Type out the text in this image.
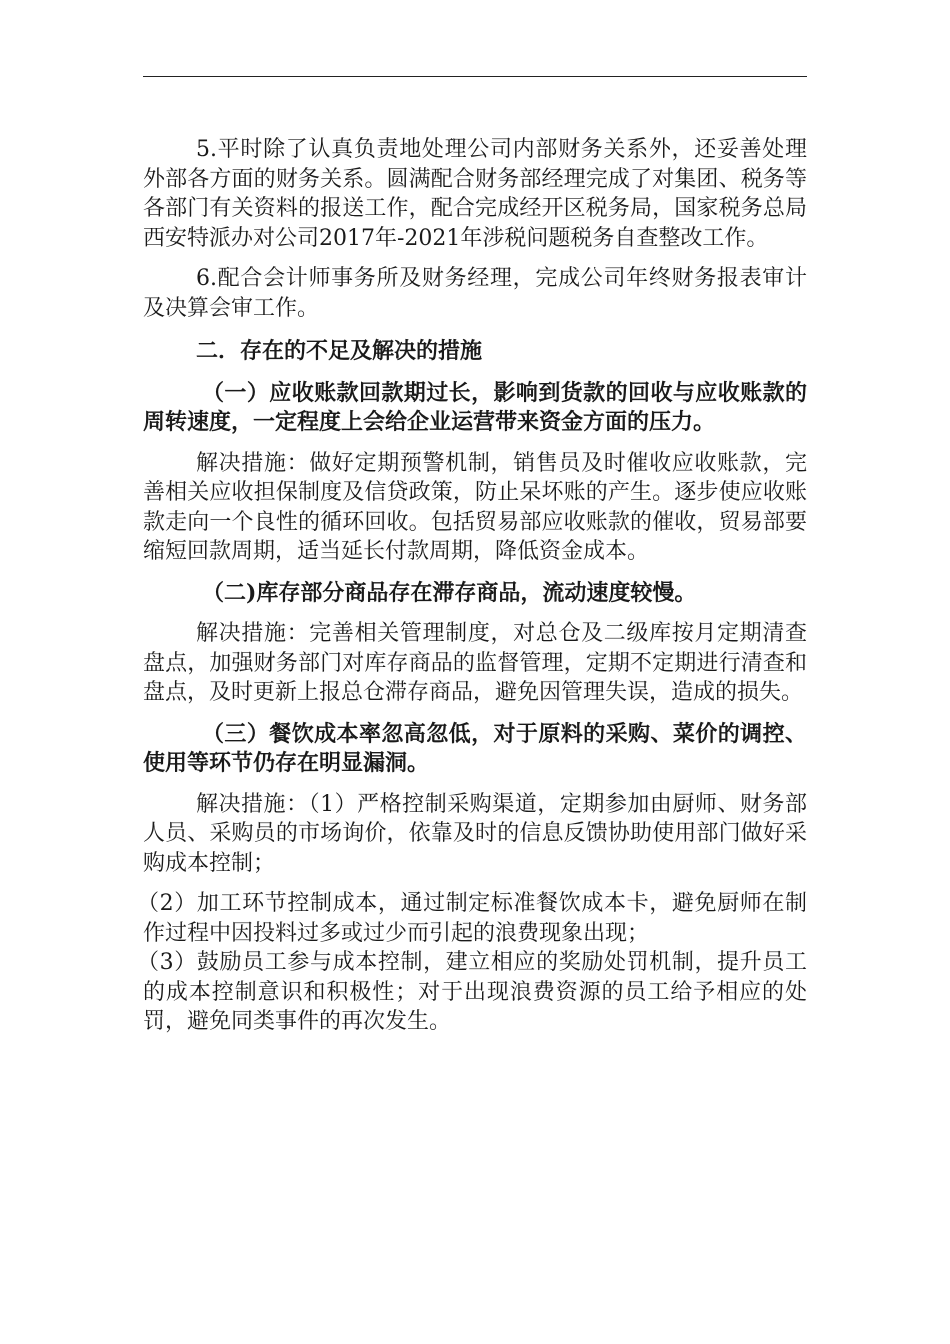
5.平时除了认真负责地处理公司内部财务关系外，还妥善处理外部各方面的财务关系。圆满配合财务部经理完成了对集团、税务等各部门有关资料的报送工作，配合完成经开区税务局，国家税务总局西安特派办对公司2017年-2021年涉税问题税务自查整改工作。

6.配合会计师事务所及财务经理，完成公司年终财务报表审计及决算会审工作。

二．存在的不足及解决的措施

（一）应收账款回款期过长，影响到货款的回收与应收账款的周转速度，一定程度上会给企业运营带来资金方面的压力。

解决措施：做好定期预警机制，销售员及时催收应收账款，完善相关应收担保制度及信贷政策，防止呆坏账的产生。逐步使应收账款走向一个良性的循环回收。包括贸易部应收账款的催收，贸易部要缩短回款周期，适当延长付款周期，降低资金成本。

（二)库存部分商品存在滞存商品，流动速度较慢。

解决措施：完善相关管理制度，对总仓及二级库按月定期清查盘点，加强财务部门对库存商品的监督管理，定期不定期进行清查和盘点，及时更新上报总仓滞存商品，避免因管理失误，造成的损失。

（三）餐饮成本率忽高忽低，对于原料的采购、菜价的调控、使用等环节仍存在明显漏洞。

解决措施：（1）严格控制采购渠道，定期参加由厨师、财务部人员、采购员的市场询价，依靠及时的信息反馈协助使用部门做好采购成本控制；

（2）加工环节控制成本，通过制定标准餐饮成本卡，避免厨师在制作过程中因投料过多或过少而引起的浪费现象出现；

（3）鼓励员工参与成本控制，建立相应的奖励处罚机制，提升员工的成本控制意识和积极性；对于出现浪费资源的员工给予相应的处罚，避免同类事件的再次发生。
